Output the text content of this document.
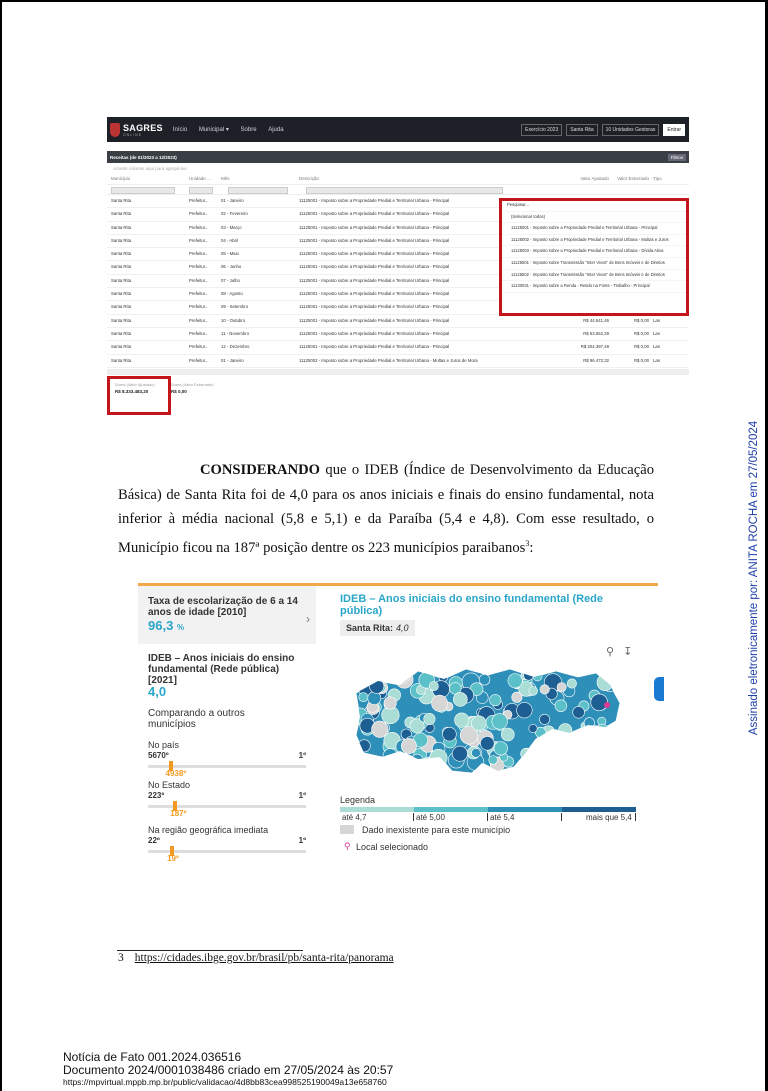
SAGRES
ONLINE
Início Municipal ▾ Sobre Ajuda	Exercício 2023	Santa Rita	10 Unidades Gestoras	Entrar
Receitas (de 01/2023 a 12/2023)	Filtros
Arraste colunas aqui para agrupá-las
Município	Unidade ...	Mês	Descrição	Valor Ajustado	Valor Estornado Tipo
Santa Rita	Prefeitur...	01 - Janeiro	11125001 - Imposto sobre a Propriedade Predial e Territorial Urbana - Principal
Santa Rita	Prefeitur...	02 - Fevereiro	11125001 - Imposto sobre a Propriedade Predial e Territorial Urbana - Principal
Santa Rita	Prefeitur...	03 - Março	11125001 - Imposto sobre a Propriedade Predial e Territorial Urbana - Principal
Santa Rita	Prefeitur...	04 - Abril	11125001 - Imposto sobre a Propriedade Predial e Territorial Urbana - Principal
Santa Rita	Prefeitur...	05 - Maio	11125001 - Imposto sobre a Propriedade Predial e Territorial Urbana - Principal
Santa Rita	Prefeitur...	06 - Junho	11125001 - Imposto sobre a Propriedade Predial e Territorial Urbana - Principal
Santa Rita	Prefeitur...	07 - Julho	11125001 - Imposto sobre a Propriedade Predial e Territorial Urbana - Principal
Santa Rita	Prefeitur...	08 - Agosto	11125001 - Imposto sobre a Propriedade Predial e Territorial Urbana - Principal
Santa Rita	Prefeitur...	09 - Setembro	11125001 - Imposto sobre a Propriedade Predial e Territorial Urbana - Principal
Santa Rita	Prefeitur...	10 - Outubro	11125001 - Imposto sobre a Propriedade Predial e Territorial Urbana - Principal	R$ 44.641,46	R$ 0,00 Lan
Santa Rita	Prefeitur...	11 - Novembro	11125001 - Imposto sobre a Propriedade Predial e Territorial Urbana - Principal	R$ 53.652,28	R$ 0,00 Lan
Santa Rita	Prefeitur...	12 - Dezembro	11125001 - Imposto sobre a Propriedade Predial e Territorial Urbana - Principal	R$ 204.397,48	R$ 0,00 Lan
Santa Rita	Prefeitur...	01 - Janeiro	11125002 - Imposto sobre a Propriedade Predial e Territorial Urbana - Multas e Juros de Mora	R$ 96.472,32	R$ 0,00 Lan
Soma (Valor Ajustado)
R$ 8.333.483,20
Soma (Valor Estornado)
R$ 0,00
Pesquisar...
(Selecionar todos)
11125001 - Imposto sobre a Propriedade Predial e Territorial Urbana - Principal
11125002 - Imposto sobre a Propriedade Predial e Territorial Urbana - Multas e Juros
11125003 - Imposto sobre a Propriedade Predial e Territorial Urbana - Dívida Ativa
11125501 - Imposto sobre Transmissão "Inter Vivos" de Bens Imóveis e de Direitos
11125502 - Imposto sobre Transmissão "Inter Vivos" de Bens Imóveis e de Direitos
11130031 - Imposto sobre a Renda - Retido na Fonte - Trabalho - Principal
CONSIDERANDO que o IDEB (Índice de Desenvolvimento da Educação Básica) de Santa Rita foi de 4,0 para os anos iniciais e finais do ensino fundamental, nota inferior à média nacional (5,8 e 5,1) e da Paraíba (5,4 e 4,8). Com esse resultado, o Município ficou na 187ª posição dentre os 223 municípios paraibanos$^3$:
Taxa de escolarização de 6 a 14 anos de idade [2010]
96,3 %
›
IDEB – Anos iniciais do ensino fundamental (Rede pública) [2021]
4,0
Comparando a outros municípios
No país
5670º	1º
4938º
No Estado
223º	1º
187º
Na região geográfica imediata
22º	1º
19º
IDEB – Anos iniciais do ensino fundamental (Rede pública)
Santa Rita: 4,0
⚲ ↧
Legenda
até 4,7	até 5,00	até 5,4	mais que 5,4
Dado inexistente para este município
⚲ Local selecionado
3 https://cidades.ibge.gov.br/brasil/pb/santa-rita/panorama
Notícia de Fato 001.2024.036516
Documento 2024/0001038486 criado em 27/05/2024 às 20:57
https://mpvirtual.mppb.mp.br/public/validacao/4d8bb83cea998525190049a13e658760
Assinado eletronicamente por: ANITA ROCHA em 27/05/2024
